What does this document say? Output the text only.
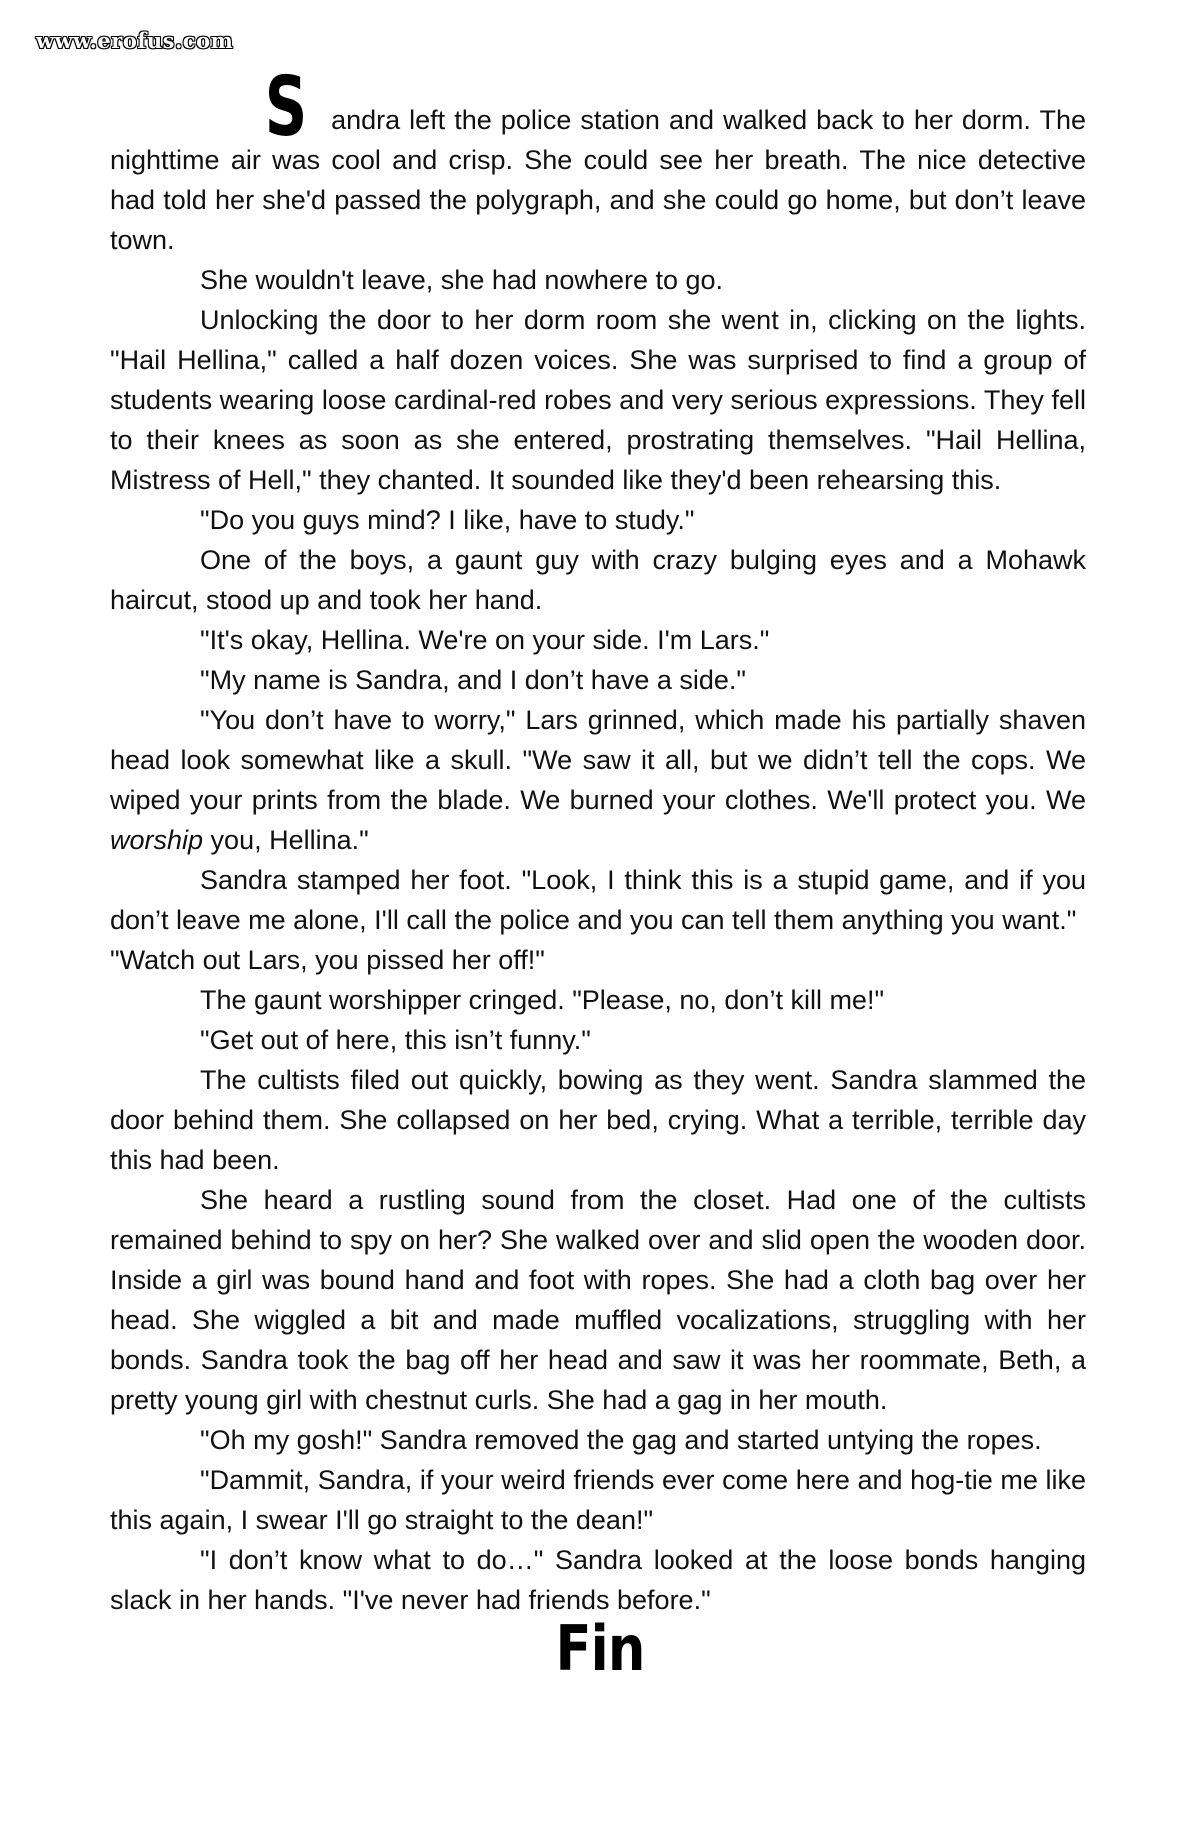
www.erofus.com

Sandra left the police station and walked back to her dorm. The nighttime air was cool and crisp. She could see her breath. The nice detective had told her she'd passed the polygraph, and she could go home, but don’t leave town.

She wouldn't leave, she had nowhere to go.

Unlocking the door to her dorm room she went in, clicking on the lights. "Hail Hellina," called a half dozen voices. She was surprised to find a group of students wearing loose cardinal-red robes and very serious expressions. They fell to their knees as soon as she entered, prostrating themselves. "Hail Hellina, Mistress of Hell," they chanted. It sounded like they'd been rehearsing this.

"Do you guys mind? I like, have to study."

One of the boys, a gaunt guy with crazy bulging eyes and a Mohawk haircut, stood up and took her hand.

"It's okay, Hellina. We're on your side. I'm Lars."

"My name is Sandra, and I don’t have a side."

"You don’t have to worry," Lars grinned, which made his partially shaven head look somewhat like a skull. "We saw it all, but we didn’t tell the cops. We wiped your prints from the blade. We burned your clothes. We'll protect you. We worship you, Hellina."

Sandra stamped her foot. "Look, I think this is a stupid game, and if you don’t leave me alone, I'll call the police and you can tell them anything you want."

"Watch out Lars, you pissed her off!"

The gaunt worshipper cringed. "Please, no, don’t kill me!"

"Get out of here, this isn’t funny."

The cultists filed out quickly, bowing as they went. Sandra slammed the door behind them. She collapsed on her bed, crying. What a terrible, terrible day this had been.

She heard a rustling sound from the closet. Had one of the cultists remained behind to spy on her? She walked over and slid open the wooden door. Inside a girl was bound hand and foot with ropes. She had a cloth bag over her head. She wiggled a bit and made muffled vocalizations, struggling with her bonds. Sandra took the bag off her head and saw it was her roommate, Beth, a pretty young girl with chestnut curls. She had a gag in her mouth.

"Oh my gosh!" Sandra removed the gag and started untying the ropes.

"Dammit, Sandra, if your weird friends ever come here and hog-tie me like this again, I swear I'll go straight to the dean!"

"I don’t know what to do…" Sandra looked at the loose bonds hanging slack in her hands. "I've never had friends before."

Fin
